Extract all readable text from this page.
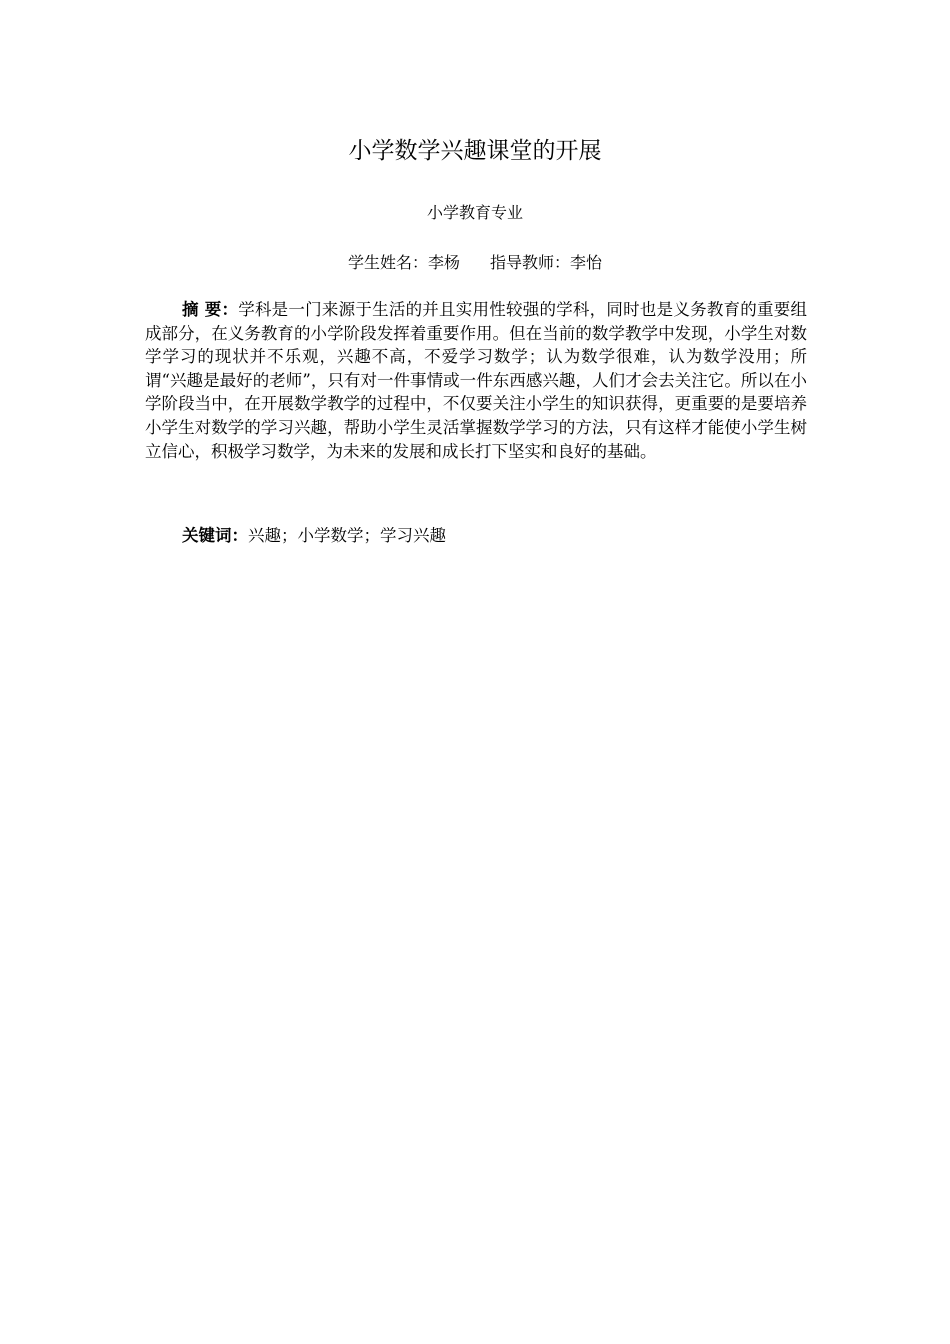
小学数学兴趣课堂的开展
小学教育专业
学生姓名：李杨 指导教师：李怡

摘 要：学科是一门来源于生活的并且实用性较强的学科，同时也是义务教育的重要组成部分，在义务教育的小学阶段发挥着重要作用。但在当前的数学教学中发现，小学生对数学学习的现状并不乐观，兴趣不高，不爱学习数学；认为数学很难，认为数学没用；所谓“兴趣是最好的老师”，只有对一件事情或一件东西感兴趣，人们才会去关注它。所以在小学阶段当中，在开展数学教学的过程中，不仅要关注小学生的知识获得，更重要的是要培养小学生对数学的学习兴趣，帮助小学生灵活掌握数学学习的方法，只有这样才能使小学生树立信心，积极学习数学，为未来的发展和成长打下坚实和良好的基础。

关键词：兴趣；小学数学；学习兴趣
